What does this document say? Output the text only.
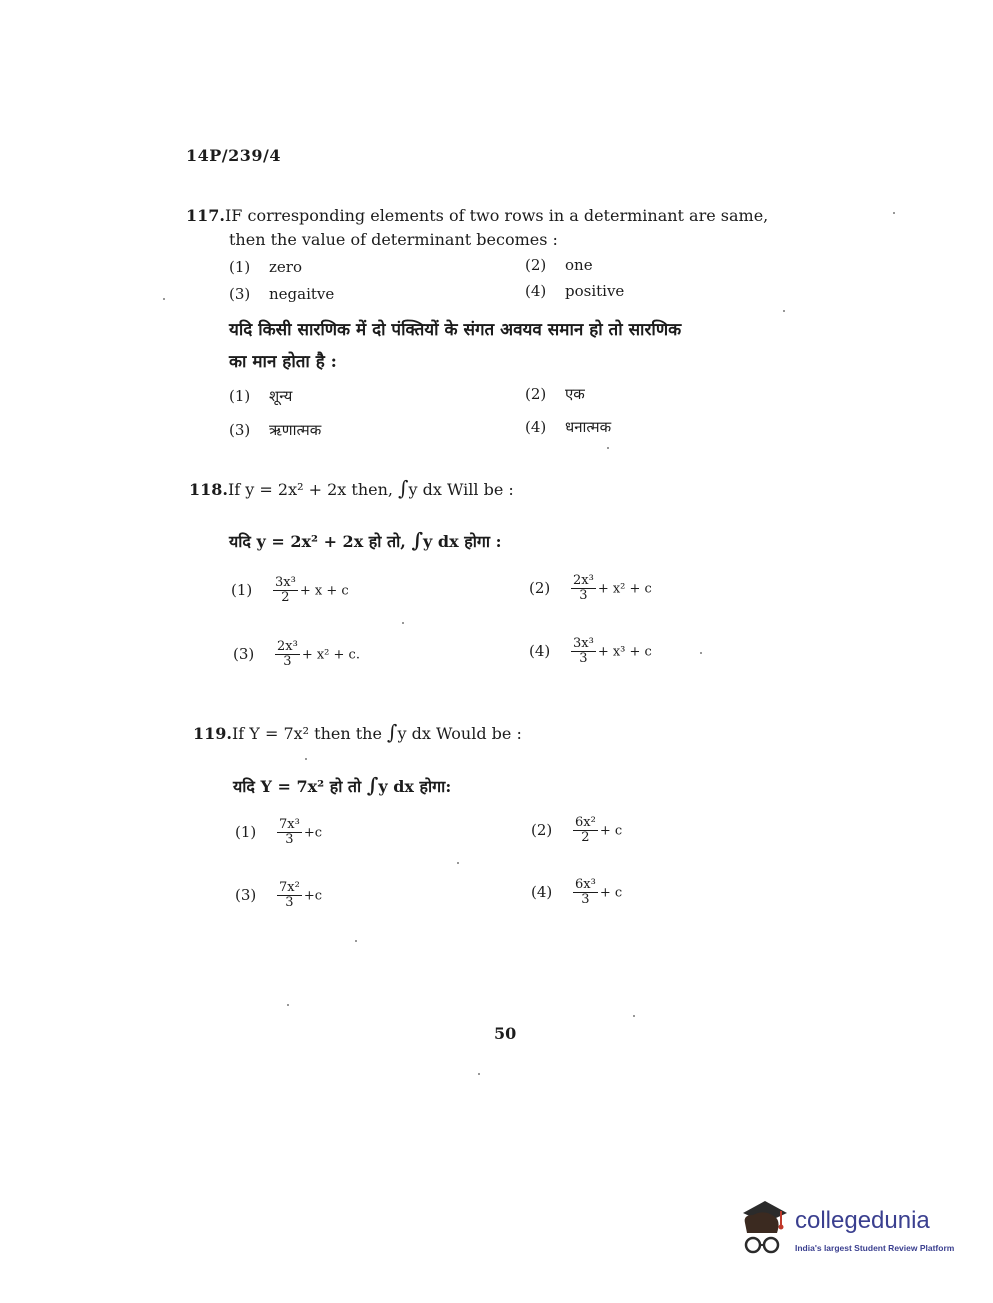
14P/239/4
117.IF corresponding elements of two rows in a determinant are same,
then the value of determinant becomes :
(1) zero	(2) one
(3) negaitve	(4) positive
यदि किसी सारणिक में दो पंक्तियों के संगत अवयव समान हो तो सारणिक
का मान होता है :
(1) शून्य	(2) एक
(3) ऋणात्मक	(4) धनात्मक
118.If y = 2x² + 2x then, ∫y dx Will be :
यदि y = 2x² + 2x हो तो, ∫y dx होगा :
$(1) \frac{\text{3x³}}{2} + x + c$	$(2) \frac{\text{2x³}}{3} + x^2 + c$
$(3) \frac{\text{2x³}}{3} + x^2 + c$.	$(4) \frac{\text{3x³}}{3} + x^3 + c$
119.If Y = 7x² then the ∫y dx Would be :
यदि Y = 7x² हो तो ∫y dx होगा:
$(1) \frac{\text{7x³}}{3} +c$	$(2) \frac{\text{6x²}}{2} + c$
$(3) \frac{\text{7x²}}{3} +c$	$(4) \frac{\text{6x³}}{3} + c$
50
collegedunia
India's largest Student Review Platform
